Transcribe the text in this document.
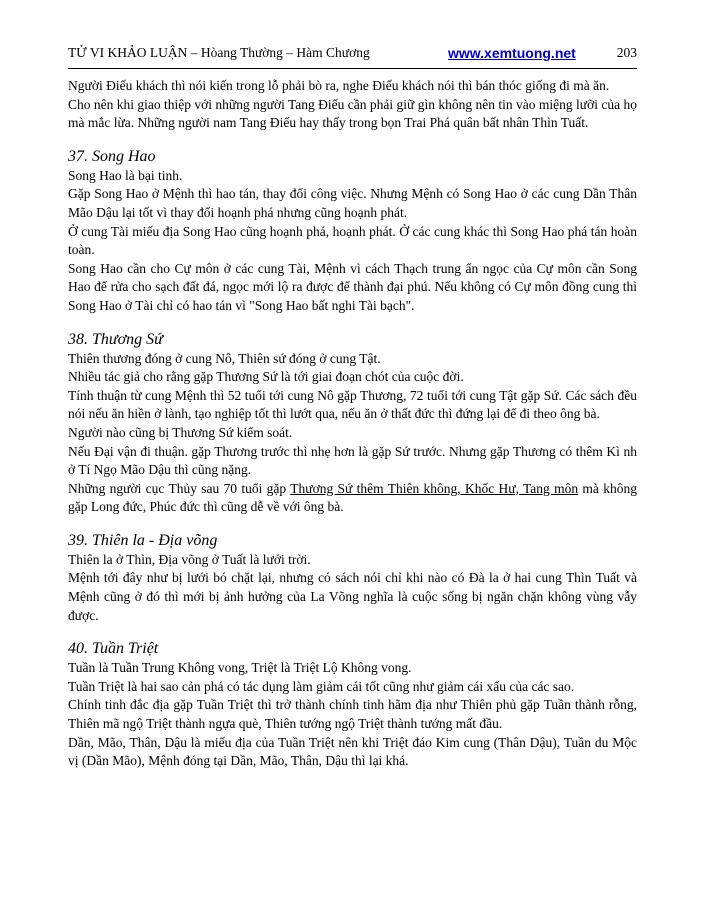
TỬ VI KHẢO LUẬN – Hòang Thường – Hàm Chương	www.xemtuong.net	203

Người Điếu khách thì nói kiến trong lỗ phải bò ra, nghe Điếu khách nói thì bán thóc giống đi mà ăn.

Cho nên khi giao thiệp với những người Tang Điếu cần phải giữ gìn không nên tin vào miệng lưỡi của họ mà mắc lừa. Những người nam Tang Điếu hay thấy trong bọn Trai Phá quân bất nhân Thìn Tuất.

37. Song Hao

Song Hao là bại tinh.

Gặp Song Hao ở Mệnh thì hao tán, thay đổi công việc. Nhưng Mệnh có Song Hao ở các cung Dần Thân Mão Dậu lại tốt vì thay đổi hoạnh phá nhưng cũng hoạnh phát.

Ở cung Tài miếu địa Song Hao cũng hoạnh phá, hoạnh phát. Ở các cung khác thì Song Hao phá tán hoàn toàn.

Song Hao cần cho Cự môn ở các cung Tài, Mệnh vì cách Thạch trung ẩn ngọc của Cự môn cần Song Hao để rửa cho sạch đất đá, ngọc mới lộ ra được để thành đại phú. Nếu không có Cự môn đồng cung thì Song Hao ở Tài chỉ có hao tán vì "Song Hao bất nghi Tài bạch".

38. Thương Sứ

Thiên thương đóng ở cung Nô, Thiên sứ đóng ở cung Tật.

Nhiều tác giả cho rằng gặp Thương Sứ là tới giai đoạn chót của cuộc đời.

Tính thuận từ cung Mệnh thì 52 tuổi tới cung Nô gặp Thương, 72 tuổi tới cung Tật gặp Sứ. Các sách đều nói nếu ăn hiền ở lành, tạo nghiệp tốt thì lướt qua, nếu ăn ở thất đức thì đứng lại để đi theo ông bà.

Người nào cũng bị Thương Sứ kiểm soát.

Nếu Đại vận đi thuận. gặp Thương trước thì nhẹ hơn là gặp Sứ trước. Nhưng gặp Thương có thêm Kì nh ở Tí Ngọ Mão Dậu thì cũng nặng.

Những người cục Thủy sau 70 tuổi gặp Thương Sứ thêm Thiên không, Khốc Hư, Tang môn mà không gặp Long đức, Phúc đức thì cũng dễ về với ông bà.

39. Thiên la - Địa võng

Thiên la ở Thìn, Địa võng ở Tuất là lưới trời.

Mệnh tới đây như bị lưới bó chặt lại, nhưng có sách nói chỉ khi nào có Đà la ở hai cung Thìn Tuất và Mệnh cũng ở đó thì mới bị ảnh hưởng của La Võng nghĩa là cuộc sống bị ngăn chặn không vùng vẫy được.

40. Tuần Triệt

Tuần là Tuần Trung Không vong, Triệt là Triệt Lộ Không vong.

Tuần Triệt là hai sao cản phá có tác dụng làm giảm cái tốt cũng như giảm cái xấu của các sao.

Chính tinh đắc địa gặp Tuần Triệt thì trở thành chính tinh hãm địa như Thiên phủ gặp Tuần thành rỗng, Thiên mã ngộ Triệt thành ngựa què, Thiên tướng ngộ Triệt thành tướng mất đầu.

Dần, Mão, Thân, Dậu là miếu địa của Tuần Triệt nên khi Triệt đáo Kim cung (Thân Dậu), Tuần du Mộc vị (Dần Mão), Mệnh đóng tại Dần, Mão, Thân, Dậu thì lại khá.
